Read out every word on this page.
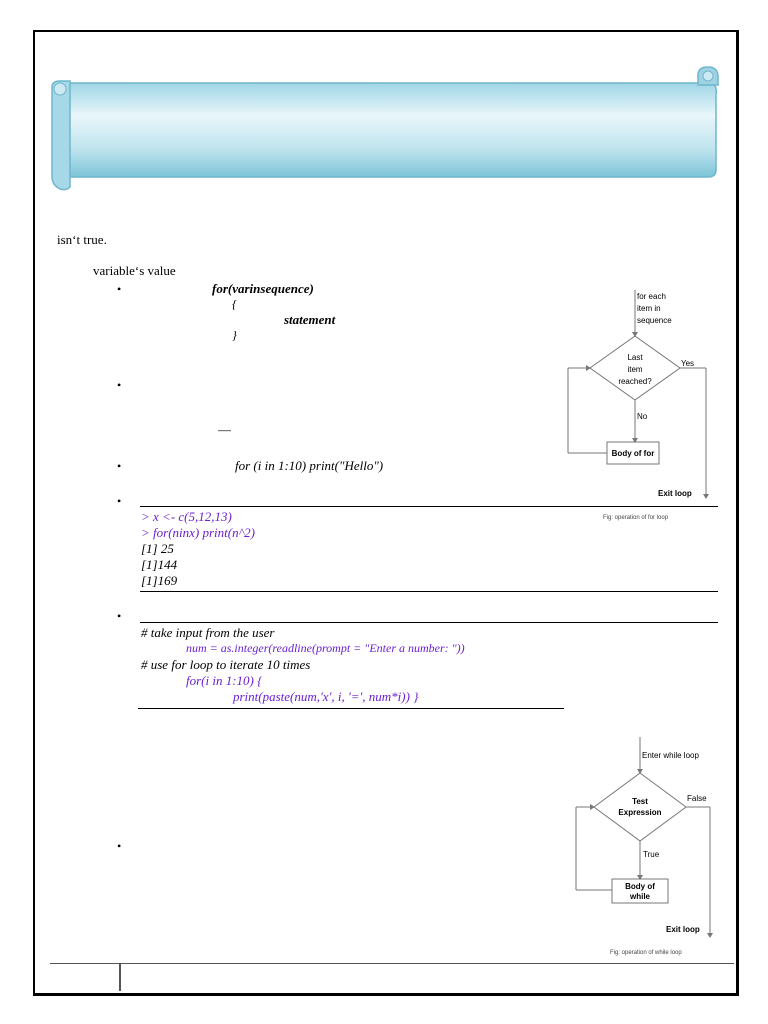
isn‘t true.
variable‘s value
•	for(varinsequence)
{
statement
}
•
—
•	for (i in 1:10) print("Hello")
•
> x <- c(5,12,13)
> for(ninx) print(n^2)
[1] 25
[1]144
[1]169
•
# take input from the user
num = as.integer(readline(prompt = "Enter a number: "))
# use for loop to iterate 10 times
for(i in 1:10) {
print(paste(num,'x', i, '=', num*i)) }
•
for each
item in
sequence
Last
item
reached?
Yes
No
Body of for
Exit loop
Fig: operation of for loop
Enter while loop
Test
Expression
False
True
Body of
while
Exit loop
Fig: operation of while loop
